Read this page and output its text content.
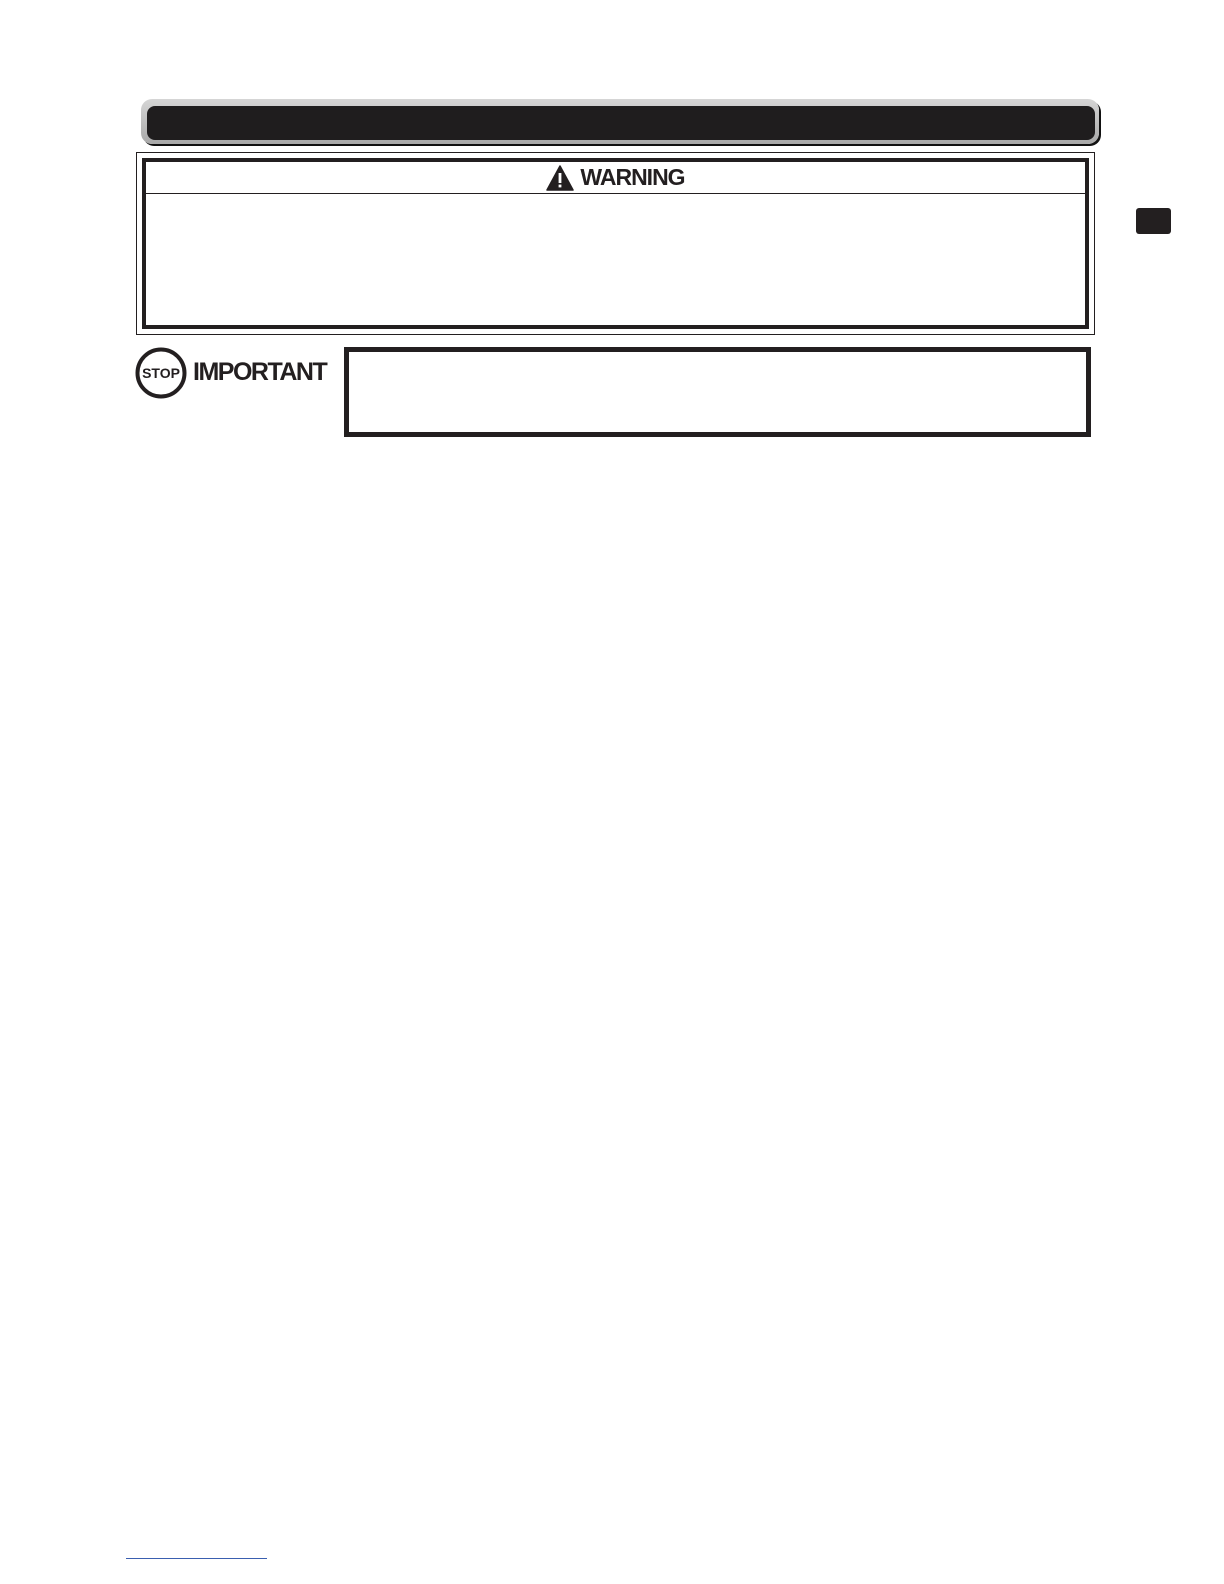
WARNING
STOP IMPORTANT
